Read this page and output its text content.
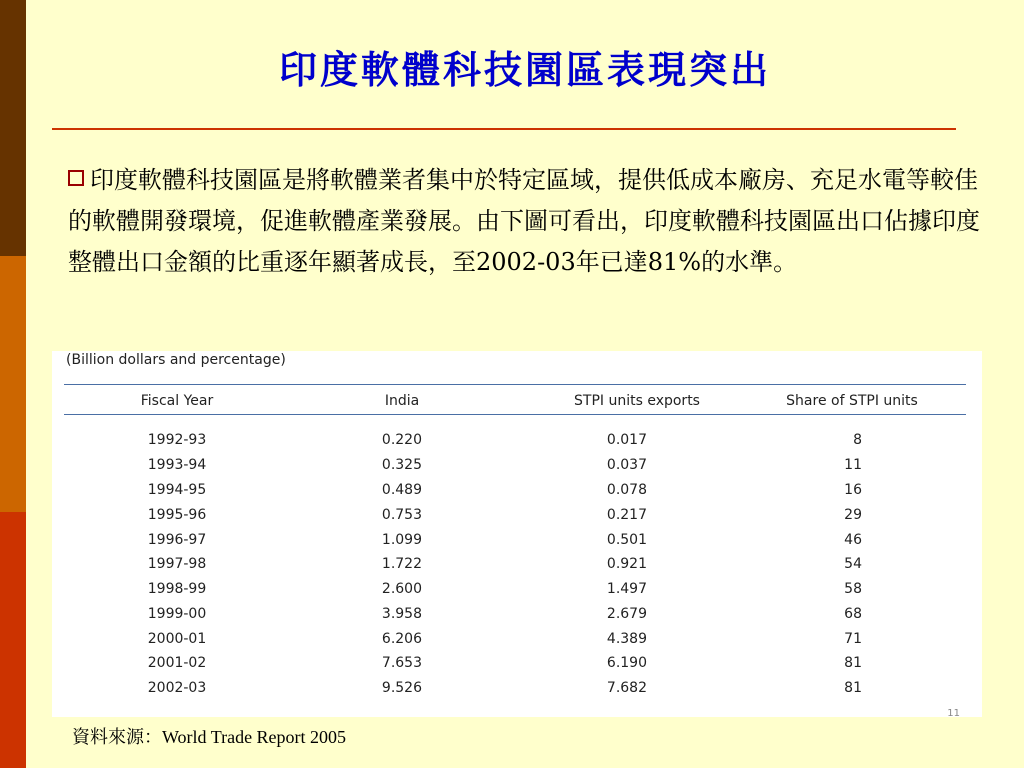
印度軟體科技園區表現突出

印度軟體科技園區是將軟體業者集中於特定區域，提供低成本廠房、充足水電等較佳的軟體開發環境，促進軟體產業發展。由下圖可看出，印度軟體科技園區出口佔據印度整體出口金額的比重逐年顯著成長，至2002-03年已達81%的水準。

(Billion dollars and percentage)
Fiscal Year	India	STPI units exports	Share of STPI units
1992-93	0.220	0.017	8
1993-94	0.325	0.037	11
1994-95	0.489	0.078	16
1995-96	0.753	0.217	29
1996-97	1.099	0.501	46
1997-98	1.722	0.921	54
1998-99	2.600	1.497	58
1999-00	3.958	2.679	68
2000-01	6.206	4.389	71
2001-02	7.653	6.190	81
2002-03	9.526	7.682	81
11
資料來源：World Trade Report 2005
